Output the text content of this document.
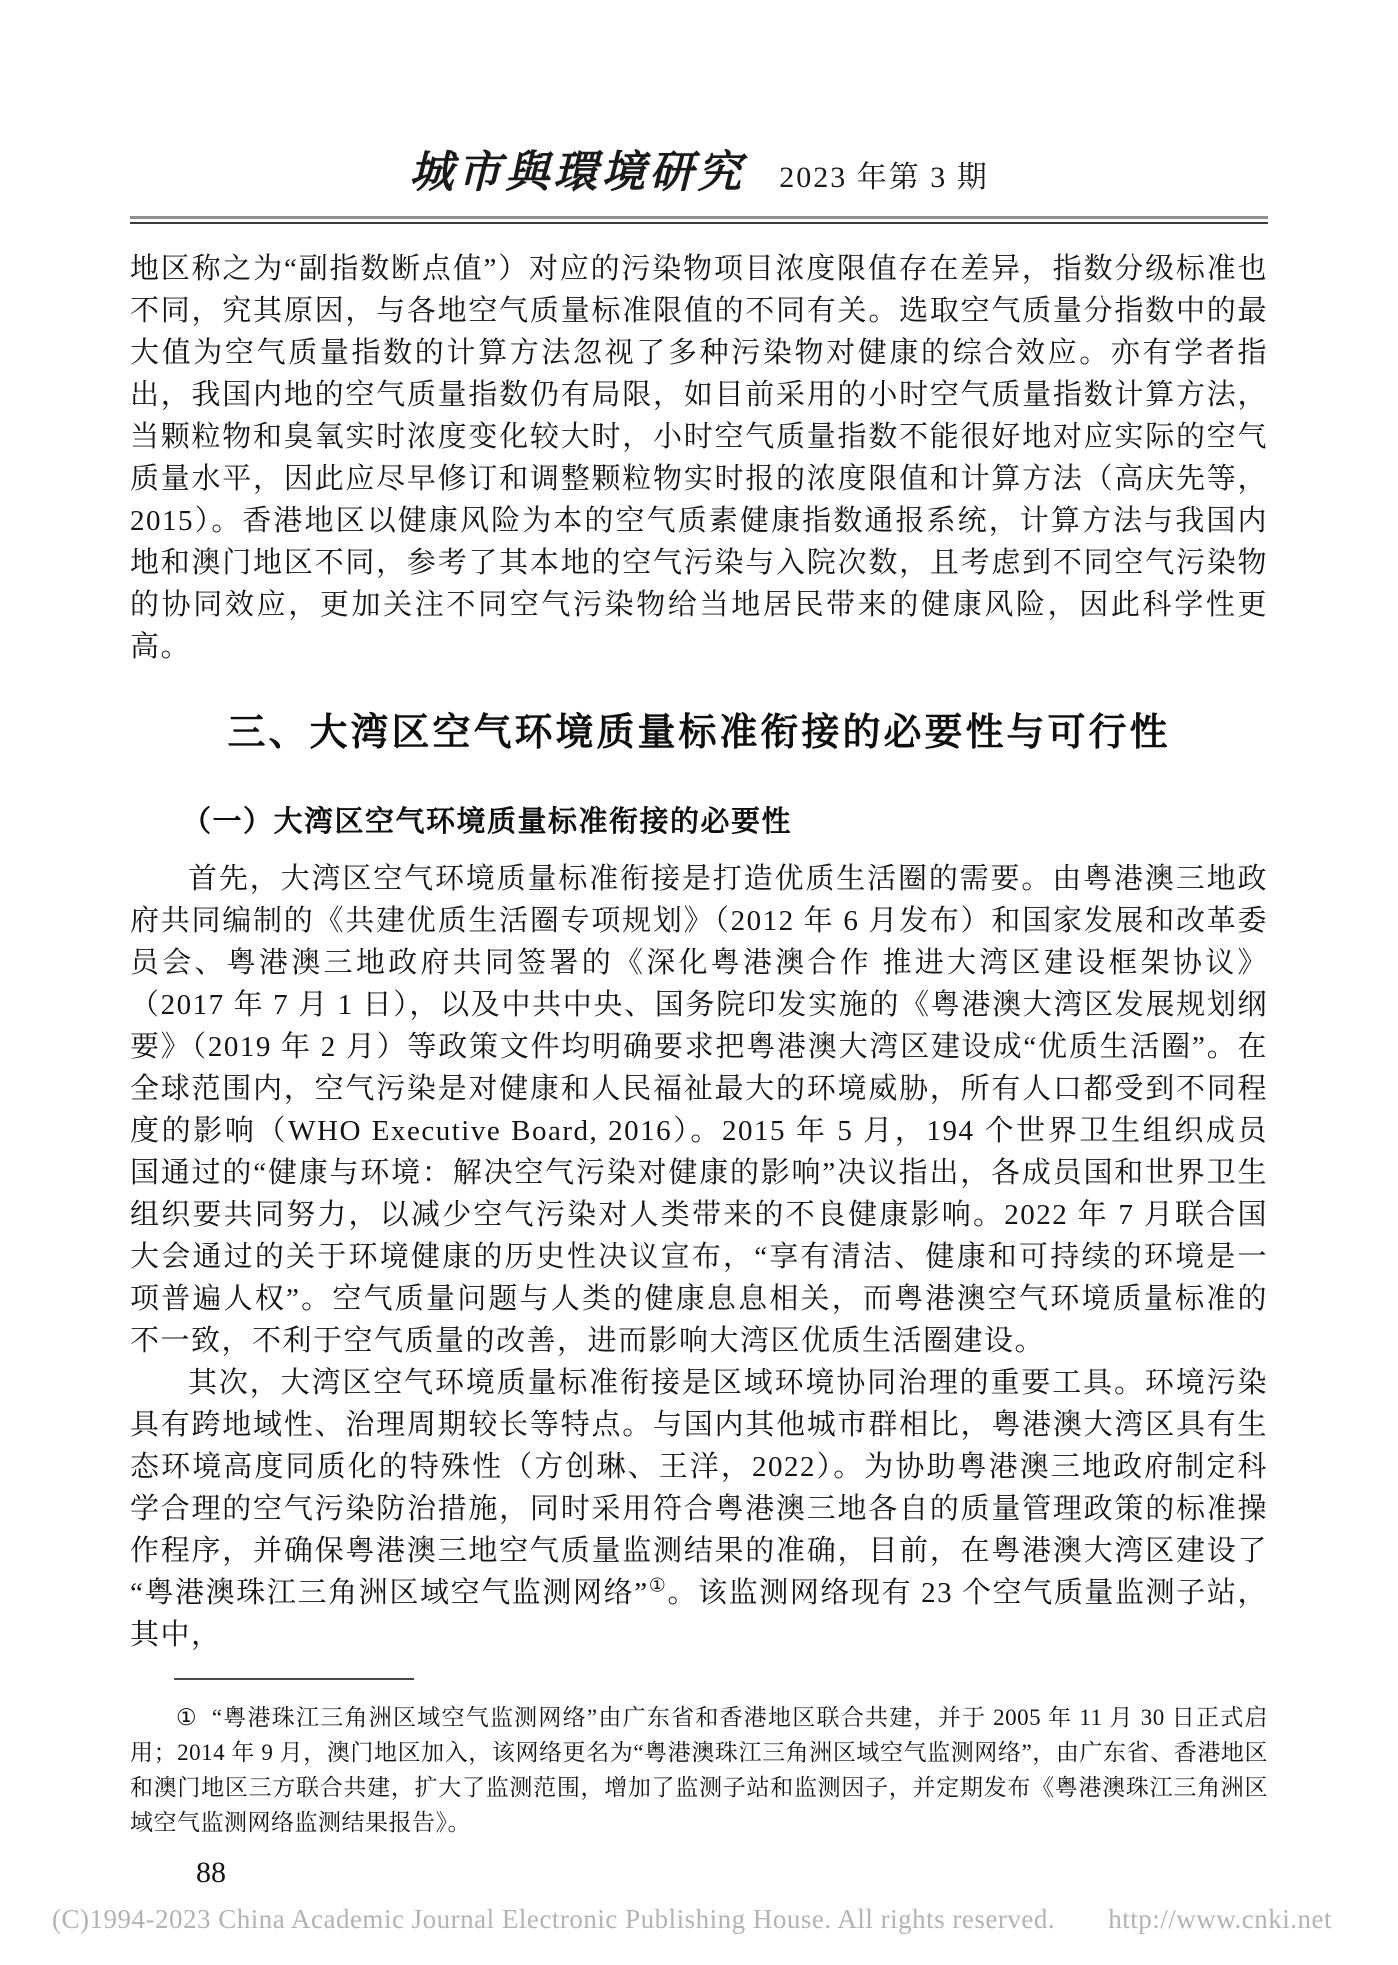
城市與環境研究 2023 年第 3 期

地区称之为“副指数断点值”）对应的污染物项目浓度限值存在差异，指数分级标准也不同，究其原因，与各地空气质量标准限值的不同有关。选取空气质量分指数中的最大值为空气质量指数的计算方法忽视了多种污染物对健康的综合效应。亦有学者指出，我国内地的空气质量指数仍有局限，如目前采用的小时空气质量指数计算方法，当颗粒物和臭氧实时浓度变化较大时，小时空气质量指数不能很好地对应实际的空气质量水平，因此应尽早修订和调整颗粒物实时报的浓度限值和计算方法（高庆先等，2015）。香港地区以健康风险为本的空气质素健康指数通报系统，计算方法与我国内地和澳门地区不同，参考了其本地的空气污染与入院次数，且考虑到不同空气污染物的协同效应，更加关注不同空气污染物给当地居民带来的健康风险，因此科学性更高。

三、大湾区空气环境质量标准衔接的必要性与可行性
（一）大湾区空气环境质量标准衔接的必要性

首先，大湾区空气环境质量标准衔接是打造优质生活圈的需要。由粤港澳三地政府共同编制的《共建优质生活圈专项规划》（2012 年 6 月发布）和国家发展和改革委员会、粤港澳三地政府共同签署的《深化粤港澳合作 推进大湾区建设框架协议》（2017 年 7 月 1 日），以及中共中央、国务院印发实施的《粤港澳大湾区发展规划纲要》（2019 年 2 月）等政策文件均明确要求把粤港澳大湾区建设成“优质生活圈”。在全球范围内，空气污染是对健康和人民福祉最大的环境威胁，所有人口都受到不同程度的影响（WHO Executive Board, 2016）。2015 年 5 月，194 个世界卫生组织成员国通过的“健康与环境：解决空气污染对健康的影响”决议指出，各成员国和世界卫生组织要共同努力，以减少空气污染对人类带来的不良健康影响。2022 年 7 月联合国大会通过的关于环境健康的历史性决议宣布，“享有清洁、健康和可持续的环境是一项普遍人权”。空气质量问题与人类的健康息息相关，而粤港澳空气环境质量标准的不一致，不利于空气质量的改善，进而影响大湾区优质生活圈建设。

其次，大湾区空气环境质量标准衔接是区域环境协同治理的重要工具。环境污染具有跨地域性、治理周期较长等特点。与国内其他城市群相比，粤港澳大湾区具有生态环境高度同质化的特殊性（方创琳、王洋，2022）。为协助粤港澳三地政府制定科学合理的空气污染防治措施，同时采用符合粤港澳三地各自的质量管理政策的标准操作程序，并确保粤港澳三地空气质量监测结果的准确，目前，在粤港澳大湾区建设了“粤港澳珠江三角洲区域空气监测网络”①。该监测网络现有 23 个空气质量监测子站，其中，

① “粤港珠江三角洲区域空气监测网络”由广东省和香港地区联合共建，并于 2005 年 11 月 30 日正式启用；2014 年 9 月，澳门地区加入，该网络更名为“粤港澳珠江三角洲区域空气监测网络”，由广东省、香港地区和澳门地区三方联合共建，扩大了监测范围，增加了监测子站和监测因子，并定期发布《粤港澳珠江三角洲区域空气监测网络监测结果报告》。

88
(C)1994-2023 China Academic Journal Electronic Publishing House. All rights reserved. http://www.cnki.net
